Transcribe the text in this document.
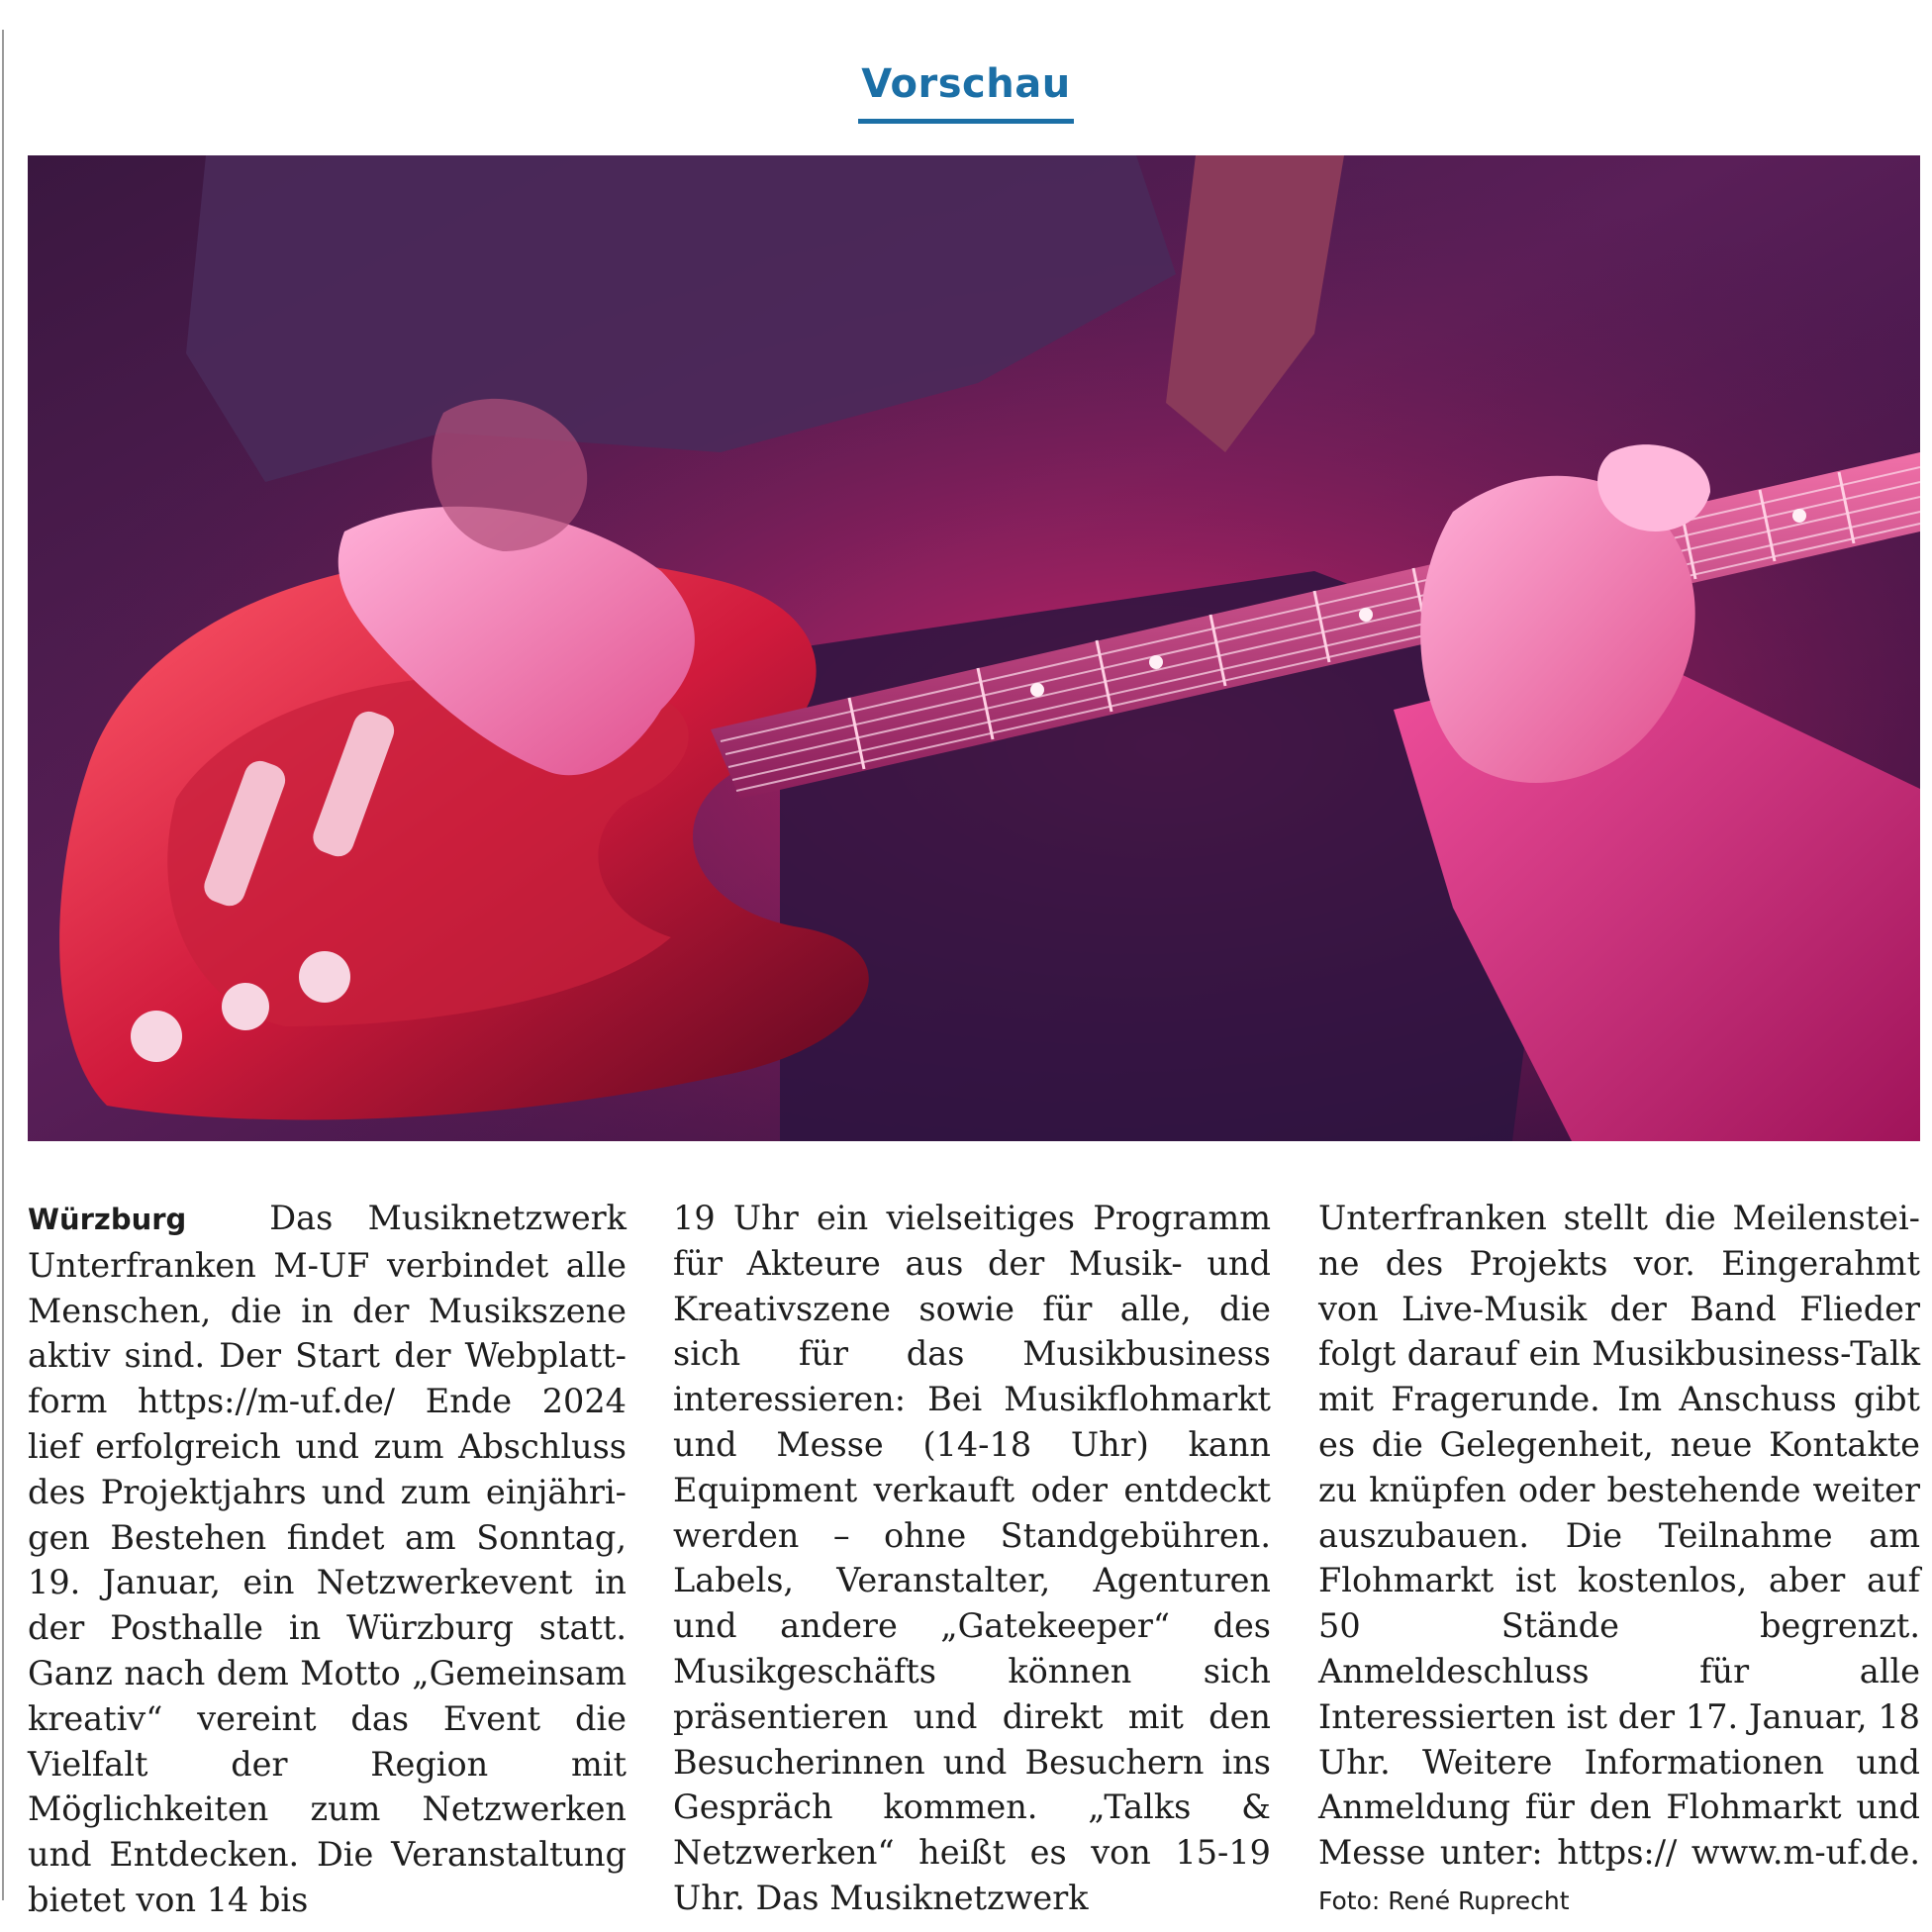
Vorschau
Würzburg	Das Musiknetzwerk Unterfranken M-UF verbindet alle Menschen, die in der Musikszene aktiv sind. Der Start der Webplattform https://m-uf.de/ Ende 2024 lief erfolgreich und zum Abschluss des Projektjahrs und zum einjährigen Bestehen findet am Sonntag, 19. Januar, ein Netzwerkevent in der Posthalle in Würzburg statt. Ganz nach dem Motto „Gemeinsam kreativ“ vereint das Event die Vielfalt der Region mit Möglichkeiten zum Netzwerken und Entdecken. Die Veranstaltung bietet von 14 bis
19 Uhr ein vielseitiges Programm für Akteure aus der Musik- und Kreativszene sowie für alle, die sich für das Musikbusiness interessieren: Bei Musikflohmarkt und Messe (14-18 Uhr) kann Equipment verkauft oder entdeckt werden – ohne Standgebühren. Labels, Veranstalter, Agenturen und andere „Gatekeeper“ des Musikgeschäfts können sich präsentieren und direkt mit den Besucherinnen und Besuchern ins Gespräch kommen. „Talks & Netzwerken“ heißt es von 15-19 Uhr. Das Musiknetzwerk
Unterfranken stellt die Meilensteine des Projekts vor. Eingerahmt von Live-Musik der Band Flieder folgt darauf ein Musikbusiness-Talk mit Fragerunde. Im Anschuss gibt es die Gelegenheit, neue Kontakte zu knüpfen oder bestehende weiter auszubauen. Die Teilnahme am Flohmarkt ist kostenlos, aber auf 50 Stände begrenzt. Anmeldeschluss für alle Interessierten ist der 17. Januar, 18 Uhr. Weitere Informationen und Anmeldung für den Flohmarkt und Messe unter: https:// www.m-uf.de. Foto: René Ruprecht
